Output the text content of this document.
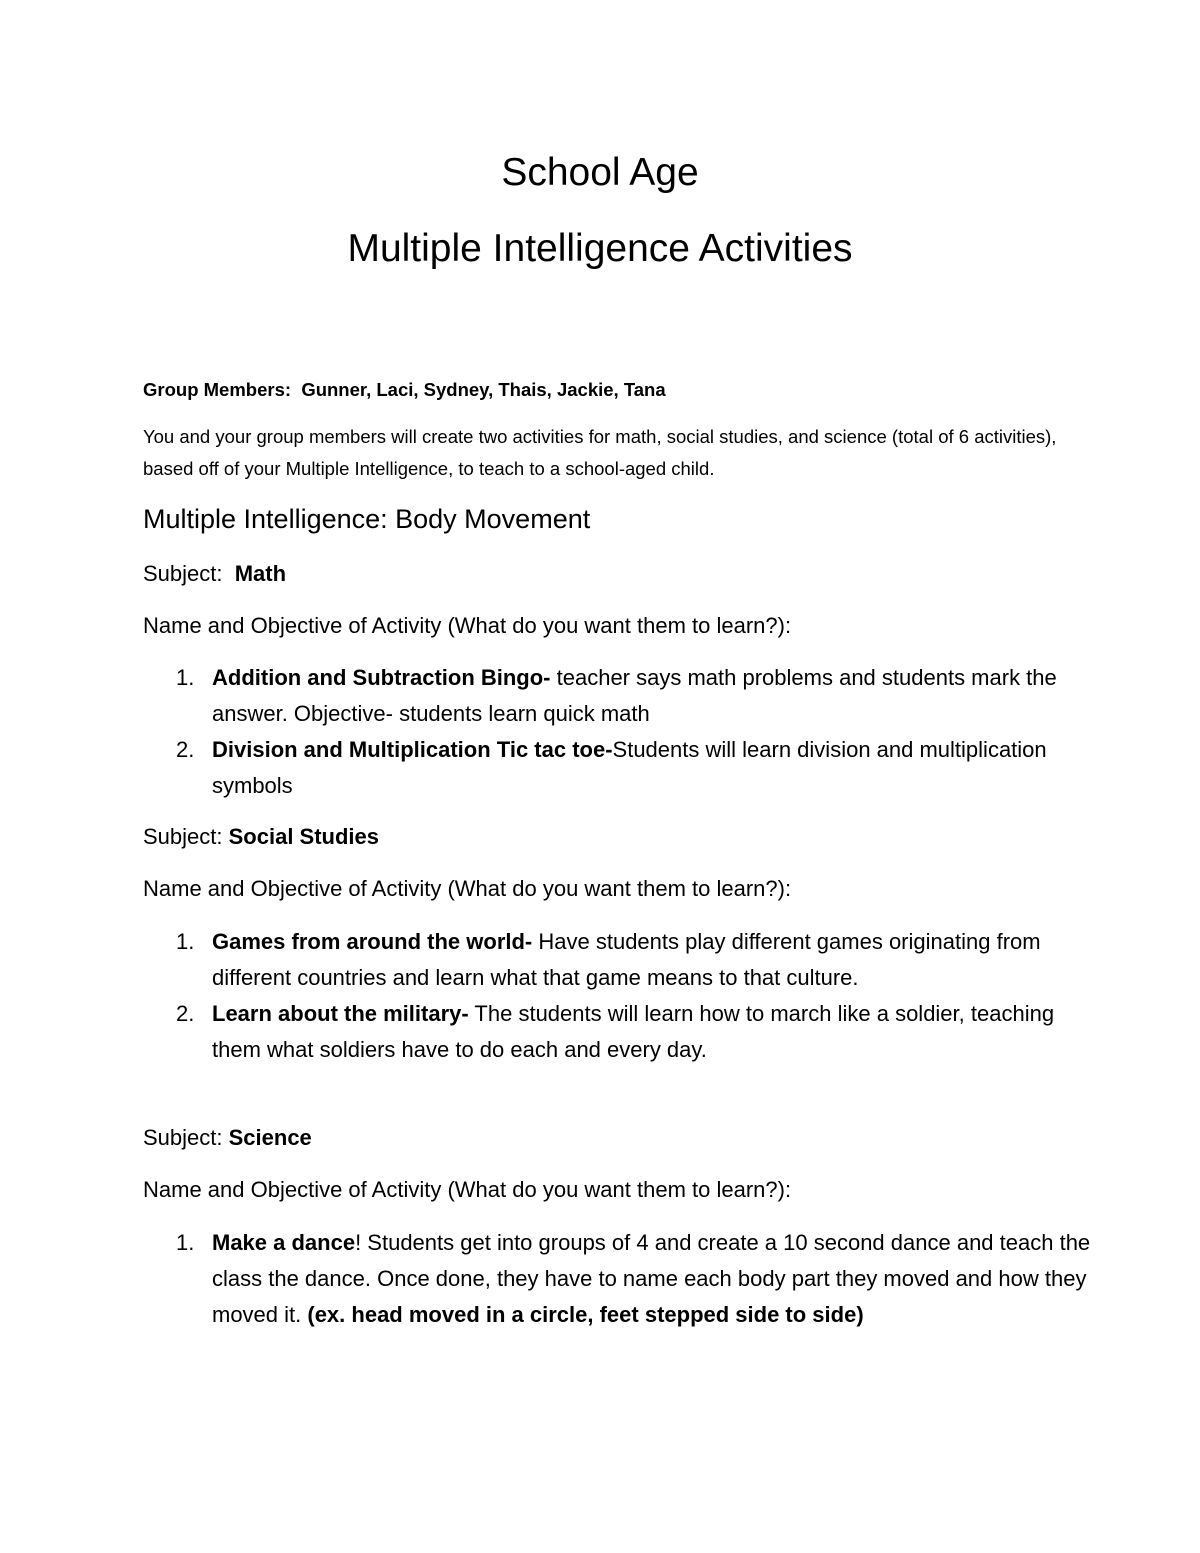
School Age
Multiple Intelligence Activities

Group Members: Gunner, Laci, Sydney, Thais, Jackie, Tana

You and your group members will create two activities for math, social studies, and science (total of 6 activities), based off of your Multiple Intelligence, to teach to a school-aged child.

Multiple Intelligence: Body Movement

Subject: Math

Name and Objective of Activity (What do you want them to learn?):

1. Addition and Subtraction Bingo- teacher says math problems and students mark the answer. Objective- students learn quick math
2. Division and Multiplication Tic tac toe-Students will learn division and multiplication symbols

Subject: Social Studies

Name and Objective of Activity (What do you want them to learn?):

1. Games from around the world- Have students play different games originating from different countries and learn what that game means to that culture.
2. Learn about the military- The students will learn how to march like a soldier, teaching them what soldiers have to do each and every day.

Subject: Science

Name and Objective of Activity (What do you want them to learn?):

1. Make a dance! Students get into groups of 4 and create a 10 second dance and teach the class the dance. Once done, they have to name each body part they moved and how they moved it. (ex. head moved in a circle, feet stepped side to side)
